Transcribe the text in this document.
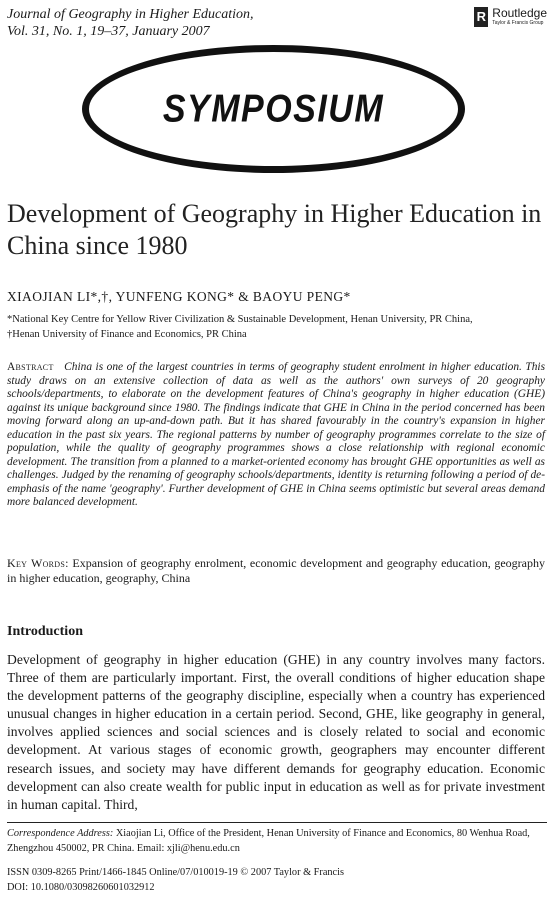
Journal of Geography in Higher Education,
Vol. 31, No. 1, 19–37, January 2007
R Routledge
Taylor & Francis Group
SYMPOSIUM
Development of Geography in Higher Education in China since 1980
XIAOJIAN LI*,†, YUNFENG KONG* & BAOYU PENG*
*National Key Centre for Yellow River Civilization & Sustainable Development, Henan University, PR China,
†Henan University of Finance and Economics, PR China
Abstract China is one of the largest countries in terms of geography student enrolment in higher education. This study draws on an extensive collection of data as well as the authors' own surveys of 20 geography schools/departments, to elaborate on the development features of China's geography in higher education (GHE) against its unique background since 1980. The findings indicate that GHE in China in the period concerned has been moving forward along an up-and-down path. But it has shared favourably in the country's expansion in higher education in the past six years. The regional patterns by number of geography programmes correlate to the size of population, while the quality of geography programmes shows a close relationship with regional economic development. The transition from a planned to a market-oriented economy has brought GHE opportunities as well as challenges. Judged by the renaming of geography schools/departments, identity is returning following a period of de-emphasis of the name 'geography'. Further development of GHE in China seems optimistic but several areas demand more balanced development.
Key Words: Expansion of geography enrolment, economic development and geography education, geography in higher education, geography, China
Introduction
Development of geography in higher education (GHE) in any country involves many factors. Three of them are particularly important. First, the overall conditions of higher education shape the development patterns of the geography discipline, especially when a country has experienced unusual changes in higher education in a certain period. Second, GHE, like geography in general, involves applied sciences and social sciences and is closely related to social and economic development. At various stages of economic growth, geographers may encounter different research issues, and society may have different demands for geography education. Economic development can also create wealth for public input in education as well as for private investment in human capital. Third,
Correspondence Address: Xiaojian Li, Office of the President, Henan University of Finance and Economics, 80 Wenhua Road, Zhengzhou 450002, PR China. Email: xjli@henu.edu.cn
ISSN 0309-8265 Print/1466-1845 Online/07/010019-19 © 2007 Taylor & Francis
DOI: 10.1080/03098260601032912
